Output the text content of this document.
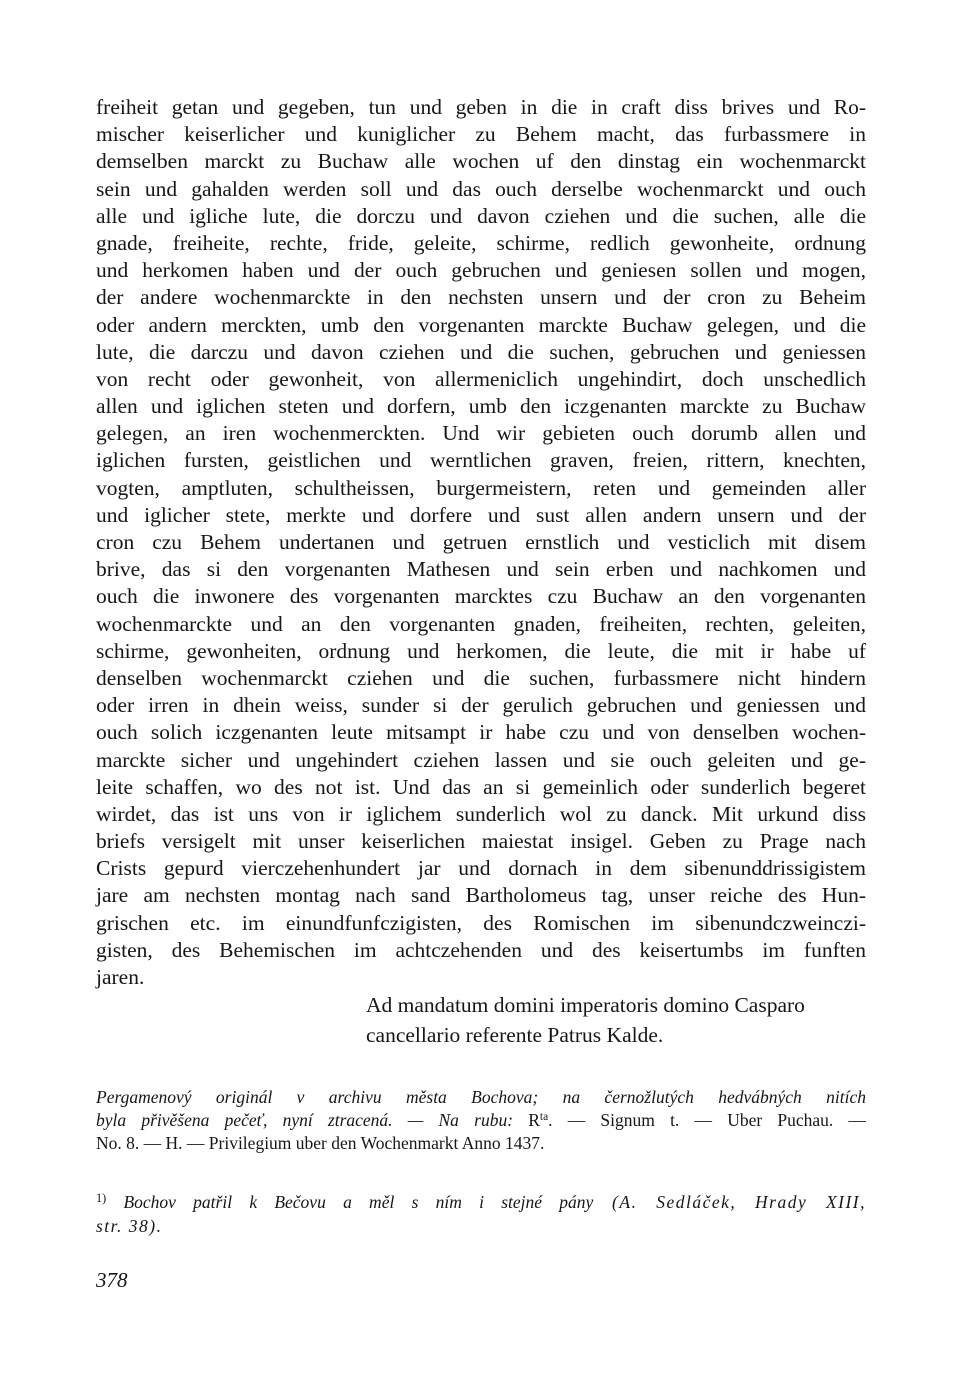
freiheit getan und gegeben, tun und geben in die in craft diss brives und Ro-
mischer keiserlicher und kuniglicher zu Behem macht, das furbassmere in
demselben marckt zu Buchaw alle wochen uf den dinstag ein wochenmarckt
sein und gahalden werden soll und das ouch derselbe wochenmarckt und ouch
alle und igliche lute, die dorczu und davon cziehen und die suchen, alle die
gnade, freiheite, rechte, fride, geleite, schirme, redlich gewonheite, ordnung
und herkomen haben und der ouch gebruchen und geniesen sollen und mogen,
der andere wochenmarckte in den nechsten unsern und der cron zu Beheim
oder andern merckten, umb den vorgenanten marckte Buchaw gelegen, und die
lute, die darczu und davon cziehen und die suchen, gebruchen und geniessen
von recht oder gewonheit, von allermeniclich ungehindirt, doch unschedlich
allen und iglichen steten und dorfern, umb den iczgenanten marckte zu Buchaw
gelegen, an iren wochenmerckten. Und wir gebieten ouch dorumb allen und
iglichen fursten, geistlichen und werntlichen graven, freien, rittern, knechten,
vogten, amptluten, schultheissen, burgermeistern, reten und gemeinden aller
und iglicher stete, merkte und dorfere und sust allen andern unsern und der
cron czu Behem undertanen und getruen ernstlich und vesticlich mit disem
brive, das si den vorgenanten Mathesen und sein erben und nachkomen und
ouch die inwonere des vorgenanten marcktes czu Buchaw an den vorgenanten
wochenmarckte und an den vorgenanten gnaden, freiheiten, rechten, geleiten,
schirme, gewonheiten, ordnung und herkomen, die leute, die mit ir habe uf
denselben wochenmarckt cziehen und die suchen, furbassmere nicht hindern
oder irren in dhein weiss, sunder si der gerulich gebruchen und geniessen und
ouch solich iczgenanten leute mitsampt ir habe czu und von denselben wochen-
marckte sicher und ungehindert cziehen lassen und sie ouch geleiten und ge-
leite schaffen, wo des not ist. Und das an si gemeinlich oder sunderlich begeret
wirdet, das ist uns von ir iglichem sunderlich wol zu danck. Mit urkund diss
briefs versigelt mit unser keiserlichen maiestat insigel. Geben zu Prage nach
Crists gepurd vierczehenhundert jar und dornach in dem sibenunddrissigistem
jare am nechsten montag nach sand Bartholomeus tag, unser reiche des Hun-
grischen etc. im einundfunfczigisten, des Romischen im sibenundczweinczi-
gisten, des Behemischen im achtczehenden und des keisertumbs im funften
jaren.
Ad mandatum domini imperatoris domino Casparo
cancellario referente Patrus Kalde.
Pergamenový originál v archivu města Bochova; na černožlutých hedvábných nitích
byla přivěšena pečeť, nyní ztracená. — Na rubu: $R^{ta}$. — Signum t. — Uber Puchau. —
No. 8. — H. — Privilegium uber den Wochenmarkt Anno 1437.
$^{1)}$ Bochov patřil k Bečovu a měl s ním i stejné pány (A. Sedláček, Hrady XIII,
str. 38).
378
